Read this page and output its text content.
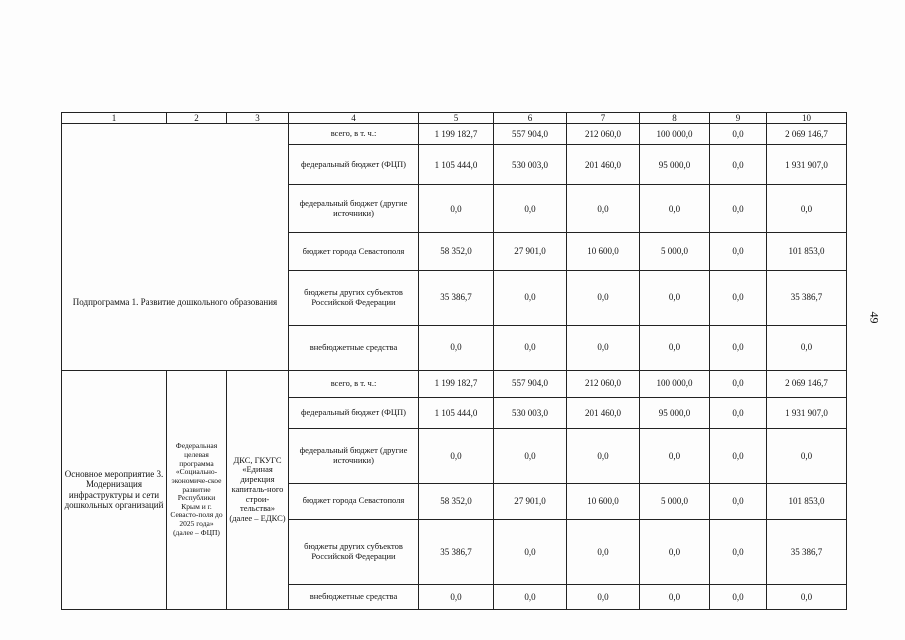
1	2	3	4	5	6	7	8	9	10
Подпрограмма 1. Развитие дошкольного образования			всего, в т. ч.:	1 199 182,7	557 904,0	212 060,0	100 000,0	0,0	2 069 146,7
			федеральный бюджет (ФЦП)	1 105 444,0	530 003,0	201 460,0	95 000,0	0,0	1 931 907,0
			федеральный бюджет (другие источники)	0,0	0,0	0,0	0,0	0,0	0,0
			бюджет города Севастополя	58 352,0	27 901,0	10 600,0	5 000,0	0,0	101 853,0
			бюджеты других субъектов Российской Федерации	35 386,7	0,0	0,0	0,0	0,0	35 386,7
			внебюджетные средства	0,0	0,0	0,0	0,0	0,0	0,0
Основное мероприятие 3. Модернизация инфраструктуры и сети дошкольных организаций	Федеральная целевая программа «Социально-экономиче-ское развитие Республики Крым и г. Севасто-поля до 2025 года» (далее – ФЦП)	ДКС, ГКУГС «Единая дирекция капиталь-ного строи-тельства» (далее – ЕДКС)	всего, в т. ч.:	1 199 182,7	557 904,0	212 060,0	100 000,0	0,0	2 069 146,7
			федеральный бюджет (ФЦП)	1 105 444,0	530 003,0	201 460,0	95 000,0	0,0	1 931 907,0
			федеральный бюджет (другие источники)	0,0	0,0	0,0	0,0	0,0	0,0
			бюджет города Севастополя	58 352,0	27 901,0	10 600,0	5 000,0	0,0	101 853,0
			бюджеты других субъектов Российской Федерации	35 386,7	0,0	0,0	0,0	0,0	35 386,7
			внебюджетные средства	0,0	0,0	0,0	0,0	0,0	0,0
49
